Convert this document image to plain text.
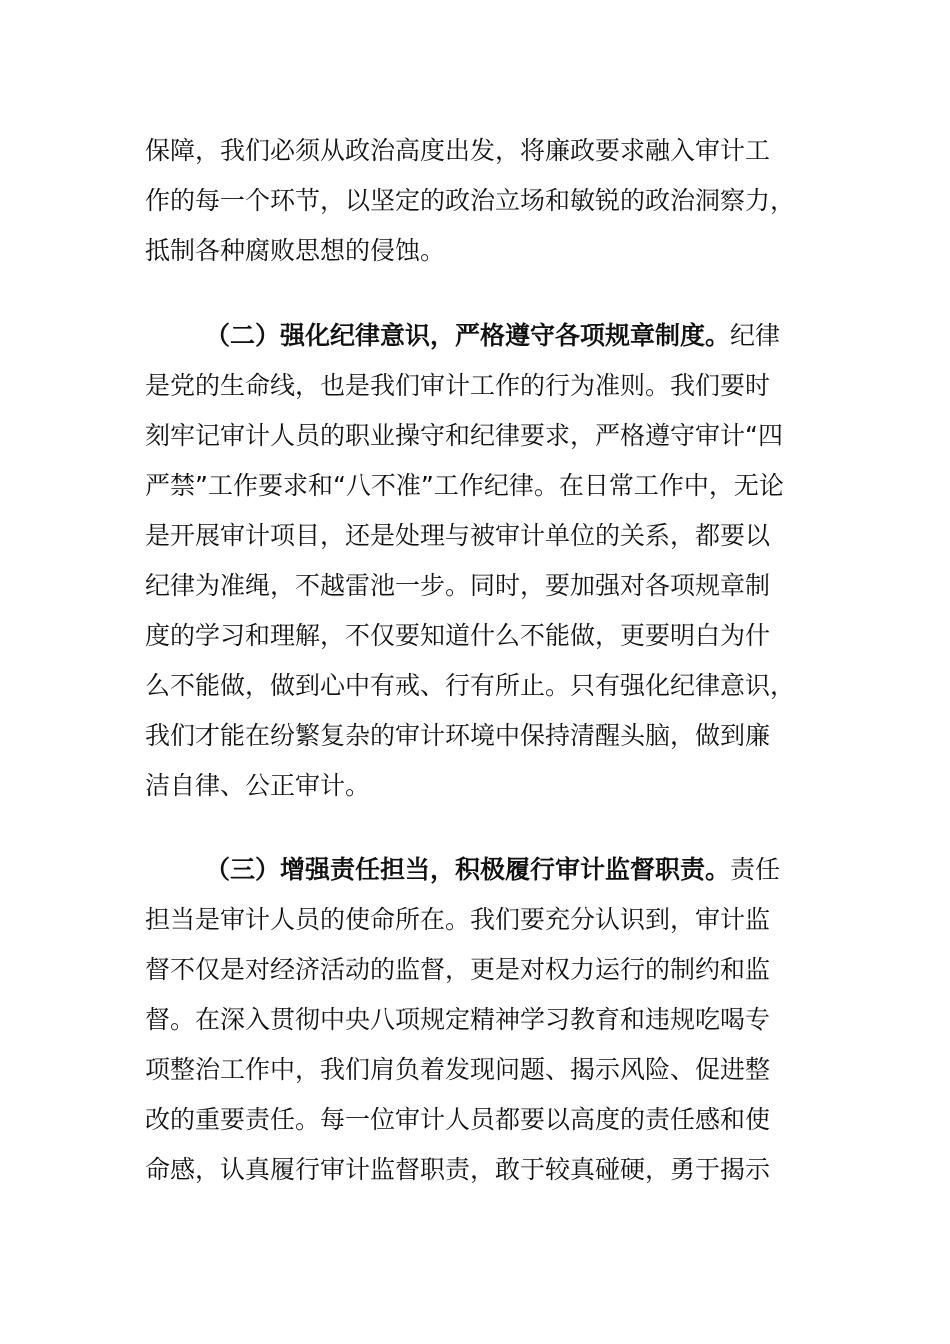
保障，我们必须从政治高度出发，将廉政要求融入审计工
作的每一个环节，以坚定的政治立场和敏锐的政治洞察力，
抵制各种腐败思想的侵蚀。
（二）强化纪律意识，严格遵守各项规章制度。纪律
是党的生命线，也是我们审计工作的行为准则。我们要时
刻牢记审计人员的职业操守和纪律要求，严格遵守审计“四
严禁”工作要求和“八不准”工作纪律。在日常工作中，无论
是开展审计项目，还是处理与被审计单位的关系，都要以
纪律为准绳，不越雷池一步。同时，要加强对各项规章制
度的学习和理解，不仅要知道什么不能做，更要明白为什
么不能做，做到心中有戒、行有所止。只有强化纪律意识，
我们才能在纷繁复杂的审计环境中保持清醒头脑，做到廉
洁自律、公正审计。
（三）增强责任担当，积极履行审计监督职责。责任
担当是审计人员的使命所在。我们要充分认识到，审计监
督不仅是对经济活动的监督，更是对权力运行的制约和监
督。在深入贯彻中央八项规定精神学习教育和违规吃喝专
项整治工作中，我们肩负着发现问题、揭示风险、促进整
改的重要责任。每一位审计人员都要以高度的责任感和使
命感，认真履行审计监督职责，敢于较真碰硬，勇于揭示
